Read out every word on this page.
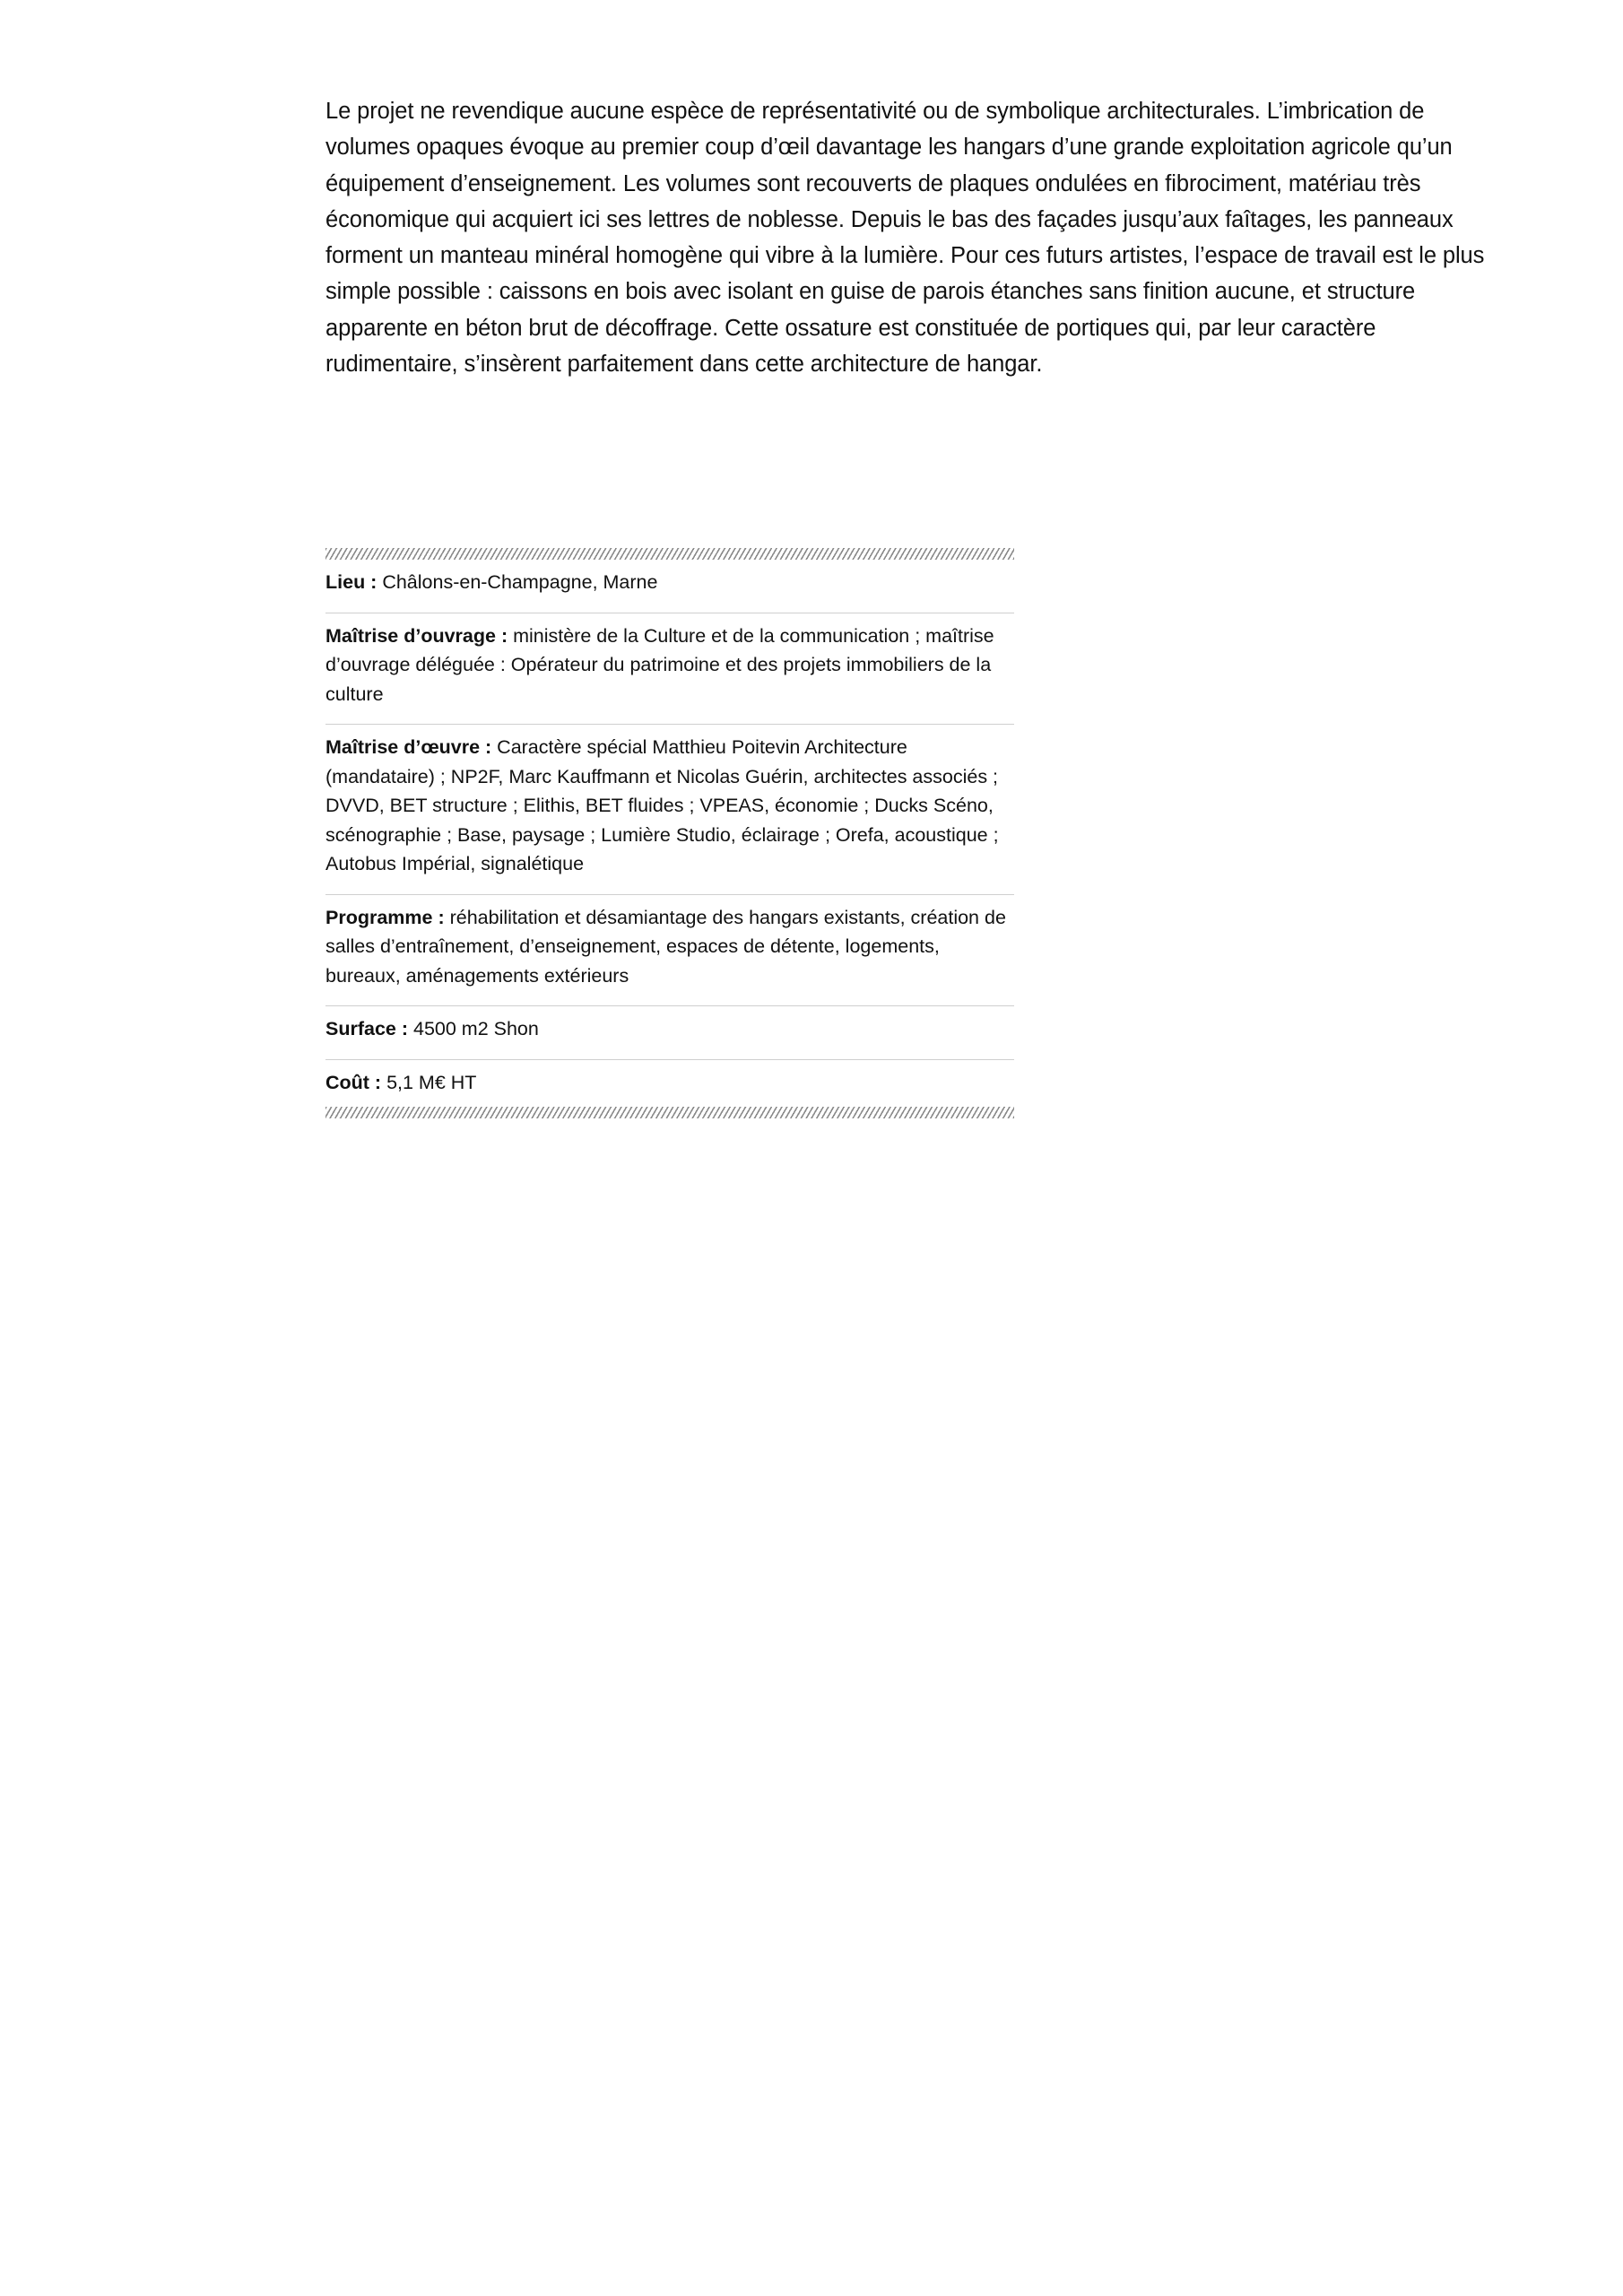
Le projet ne revendique aucune espèce de représentativité ou de symbolique architecturales. L’imbrication de volumes opaques évoque au premier coup d’œil davantage les hangars d’une grande exploitation agricole qu’un équipement d’enseignement. Les volumes sont recouverts de plaques ondulées en fibrociment, matériau très économique qui acquiert ici ses lettres de noblesse. Depuis le bas des façades jusqu’aux faîtages, les panneaux forment un manteau minéral homogène qui vibre à la lumière. Pour ces futurs artistes, l’espace de travail est le plus simple possible : caissons en bois avec isolant en guise de parois étanches sans finition aucune, et structure apparente en béton brut de décoffrage. Cette ossature est constituée de portiques qui, par leur caractère rudimentaire, s’insèrent parfaitement dans cette architecture de hangar.

Lieu : Châlons-en-Champagne, Marne
Maîtrise d’ouvrage : ministère de la Culture et de la communication ; maîtrise d’ouvrage déléguée : Opérateur du patrimoine et des projets immobiliers de la culture
Maîtrise d’œuvre : Caractère spécial Matthieu Poitevin Architecture (mandataire) ; NP2F, Marc Kauffmann et Nicolas Guérin, architectes associés ; DVVD, BET structure ; Elithis, BET fluides ; VPEAS, économie ; Ducks Scéno, scénographie ; Base, paysage ; Lumière Studio, éclairage ; Orefa, acoustique ; Autobus Impérial, signalétique
Programme : réhabilitation et désamiantage des hangars existants, création de salles d’entraînement, d’enseignement, espaces de détente, logements, bureaux, aménagements extérieurs
Surface : 4500 m2 Shon
Coût : 5,1 M€ HT
